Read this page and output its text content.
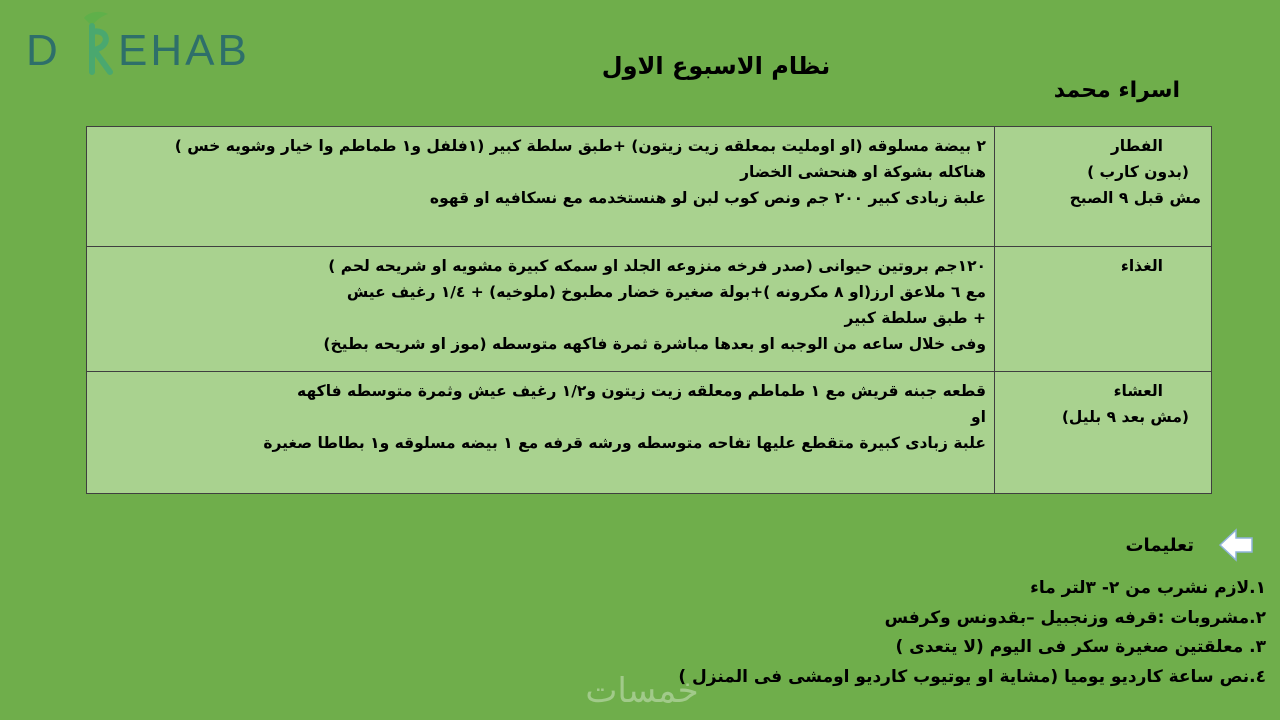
D EHAB	نظام الاسبوع الاول
اسراء محمد
الفطار
(بدون كارب )
مش قبل ٩ الصبح	٢ بيضة مسلوقه (او اومليت بمعلقه زيت زيتون) +طبق سلطة كبير (١فلفل و١ طماطم وا خيار وشويه خس )
هناكله بشوكة او هنحشى الخضار
علبة زبادى كبير ٢٠٠ جم ونص كوب لبن لو هنستخدمه مع نسكافيه او قهوه

الغذاء	١٢٠جم بروتين حيوانى (صدر فرخه منزوعه الجلد او سمكه كبيرة مشويه او شريحه لحم )
مع ٦ ملاعق ارز(او ٨ مكرونه )+بولة صغيرة خضار مطبوخ (ملوخيه) + ١/٤ رغيف عيش
+ طبق سلطة كبير
وفى خلال ساعه من الوجبه او بعدها مباشرة ثمرة فاكهه متوسطه (موز او شريحه بطيخ)

العشاء
(مش بعد ٩ بليل)	قطعه جبنه قريش مع ١ طماطم ومعلقه زيت زيتون و١/٢ رغيف عيش وثمرة متوسطه فاكهه
او
علبة زبادى كبيرة متقطع عليها تفاحه متوسطه ورشه قرفه مع ١ بيضه مسلوقه و١ بطاطا صغيرة
تعليمات
١.لازم نشرب من ٢- ٣لتر ماء
٢.مشروبات :قرفه وزنجبيل –بقدونس وكرفس
٣. معلقتين صغيرة سكر فى اليوم (لا يتعدى )
٤.نص ساعة كارديو يوميا (مشاية او يوتيوب كارديو اومشى فى المنزل )
خمسات
